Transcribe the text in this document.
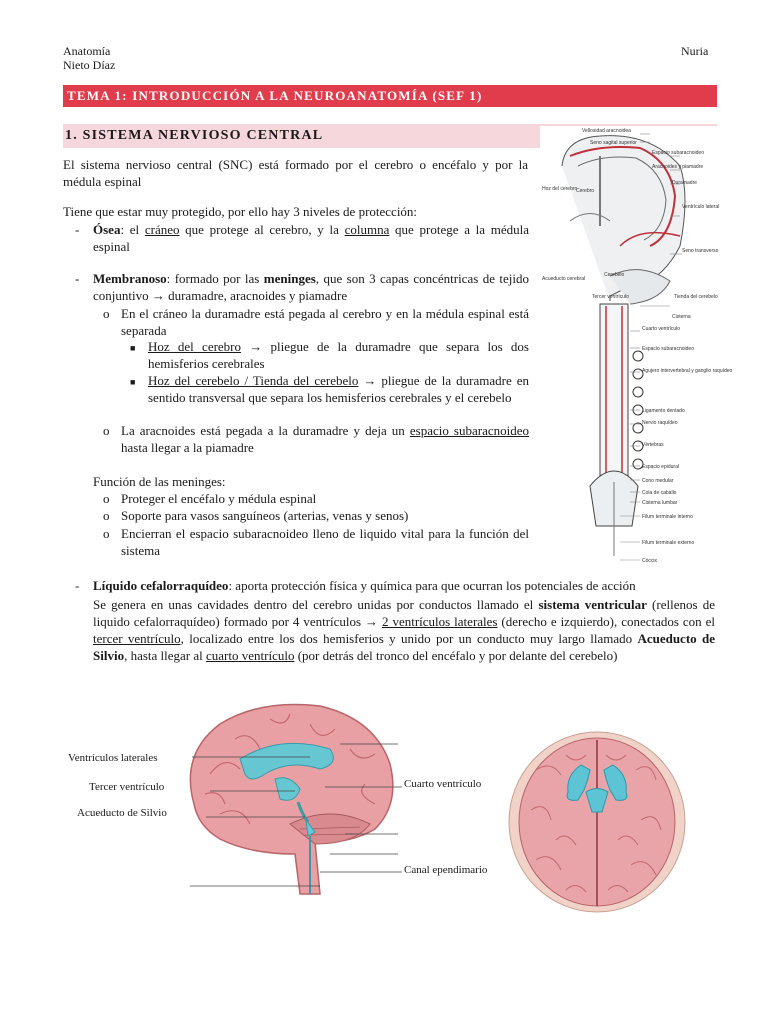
Anatomía
Nieto Díaz
Nuria
TEMA 1: INTRODUCCIÓN A LA NEUROANATOMÍA (SEF 1)
1. SISTEMA NERVIOSO CENTRAL
El sistema nervioso central (SNC) está formado por el cerebro o encéfalo y por la médula espinal
Tiene que estar muy protegido, por ello hay 3 niveles de protección:
- Ósea: el cráneo que protege al cerebro, y la columna que protege a la médula espinal
- Membranoso: formado por las meninges, que son 3 capas concéntricas de tejido conjuntivo → duramadre, aracnoides y piamadre
o En el cráneo la duramadre está pegada al cerebro y en la médula espinal está separada
■ Hoz del cerebro → pliegue de la duramadre que separa los dos hemisferios cerebrales
■ Hoz del cerebelo / Tienda del cerebelo → pliegue de la duramadre en sentido transversal que separa los hemisferios cerebrales y el cerebelo
o La aracnoides está pegada a la duramadre y deja un espacio subaracnoideo hasta llegar a la piamadre
Función de las meninges:
o Proteger el encéfalo y médula espinal
o Soporte para vasos sanguíneos (arterias, venas y senos)
o Encierran el espacio subaracnoideo lleno de liquido vital para la función del sistema
- Líquido cefalorraquídeo: aporta protección física y química para que ocurran los potenciales de acción
Se genera en unas cavidades dentro del cerebro unidas por conductos llamado el sistema ventricular (rellenos de liquido cefalorraquídeo) formado por 4 ventrículos → 2 ventrículos laterales (derecho e izquierdo), conectados con el tercer ventrículo, localizado entre los dos hemisferios y unido por un conducto muy largo llamado Acueducto de Silvio, hasta llegar al cuarto ventrículo (por detrás del tronco del encéfalo y por delante del cerebelo)
Vellosidad aracnoidea
Seno sagital superior
Espacio subaracnoideo
Aracnoides y piamadre
Duramadre
Hoz del cerebro
Cerebro
Ventrículo lateral
Seno transverso
Cerebelo
Acueducto cerebral
Tercer ventrículo	Tienda del cerebelo
Cisterna
Cuarto ventrículo
Espacio subaracnoideo
Agujero intervertebral y ganglio raquídeo
Ligamento dentado
Nervio raquídeo
Vértebras
Espacio epidural
Cono medular
Cola de caballo
Cisterna lumbar
Filum terminale interno
Filum terminale externo
Cóccix
Ventrículos laterales
Tercer ventrículo
Acueducto de Silvio
Cuarto ventrículo
Canal ependimario
